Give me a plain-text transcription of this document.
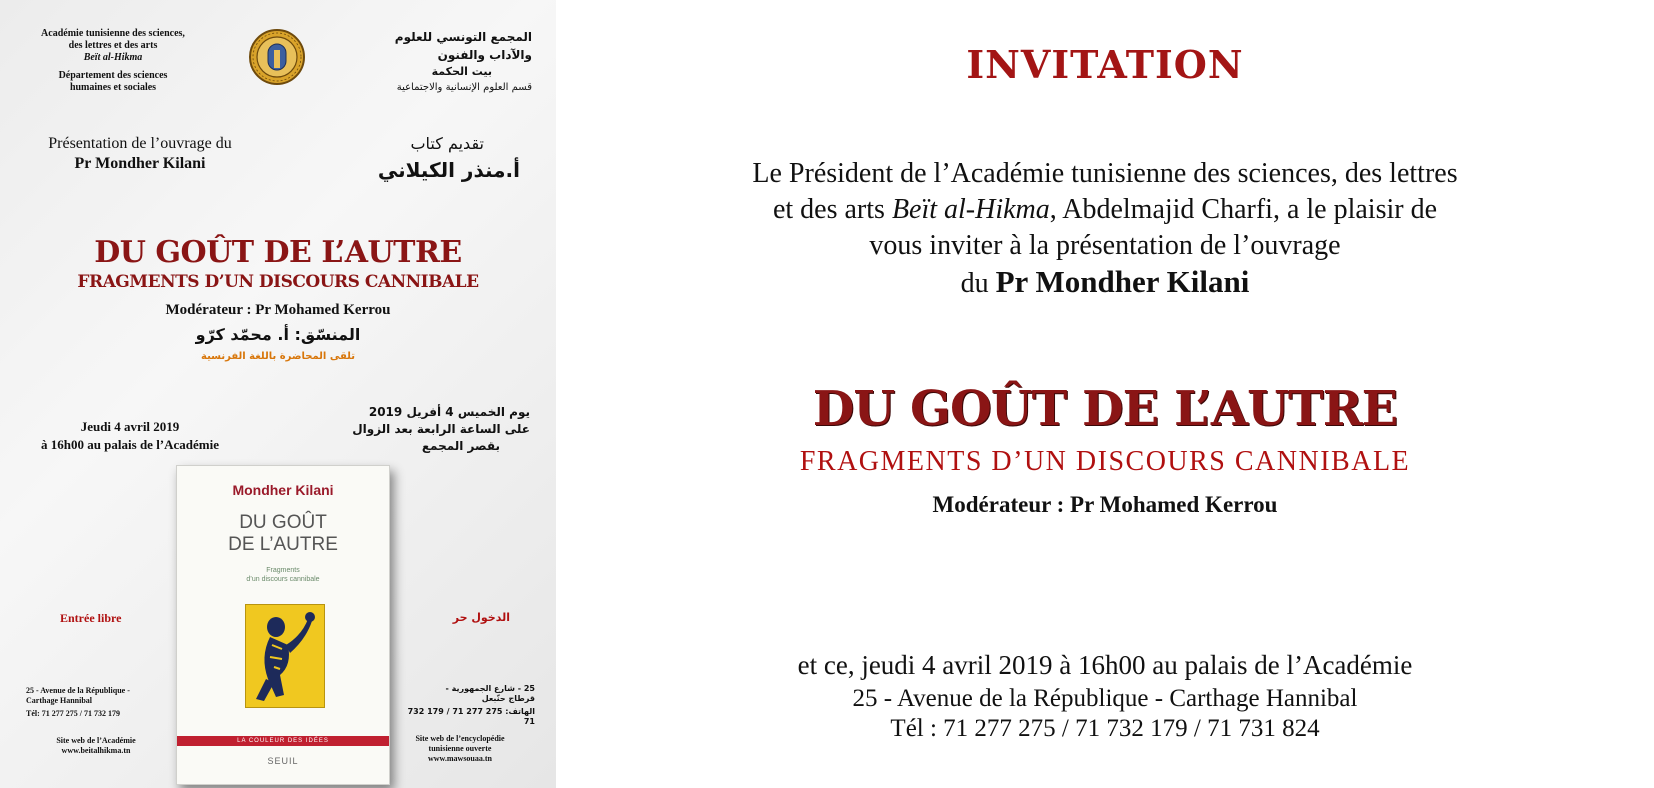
Académie tunisienne des sciences,
des lettres et des arts
Beït al-Hikma
Département des sciences
humaines et sociales
المجمع التونسي للعلوم والآداب والفنون
بيت الحكمة
قسم العلوم الإنسانية والاجتماعية
Présentation de l’ouvrage du
Pr Mondher Kilani
تقديم كتاب
أ.منذر الكيلاني
DU GOÛT DE L’AUTRE
FRAGMENTS D’UN DISCOURS CANNIBALE
Modérateur : Pr Mohamed Kerrou
المنسّق: أ. محمّد كرّو
تلقى المحاضرة باللغة الفرنسية
Jeudi 4 avril 2019
à 16h00 au palais de l’Académie
يوم الخميس 4 أفريل 2019
على الساعة الرابعة بعد الزوال
بقصر المجمع
Entrée libre	الدخول حر
25 - Avenue de la République -
Carthage Hannibal
Tél: 71 277 275 / 71 732 179
Site web de l’Académie
www.beitalhikma.tn
25 - شارع الجمهورية -
قرطاج حنّبعل
الهاتف: 275 277 71 / 179 732 71
Site web de l’encyclopédie
tunisienne ouverte
www.mawsouaa.tn
Mondher Kilani
DU GOÛT
DE L’AUTRE
Fragments
d’un discours cannibale
LA COULEUR DES IDÉES
SEUIL
INVITATION
Le Président de l’Académie tunisienne des sciences, des lettres
et des arts Beït al-Hikma, Abdelmajid Charfi, a le plaisir de
vous inviter à la présentation de l’ouvrage
du Pr Mondher Kilani
DU GOÛT DE L’AUTRE
FRAGMENTS D’UN DISCOURS CANNIBALE
Modérateur : Pr Mohamed Kerrou
et ce, jeudi 4 avril 2019 à 16h00 au palais de l’Académie
25 - Avenue de la République - Carthage Hannibal
Tél : 71 277 275 / 71 732 179 / 71 731 824
